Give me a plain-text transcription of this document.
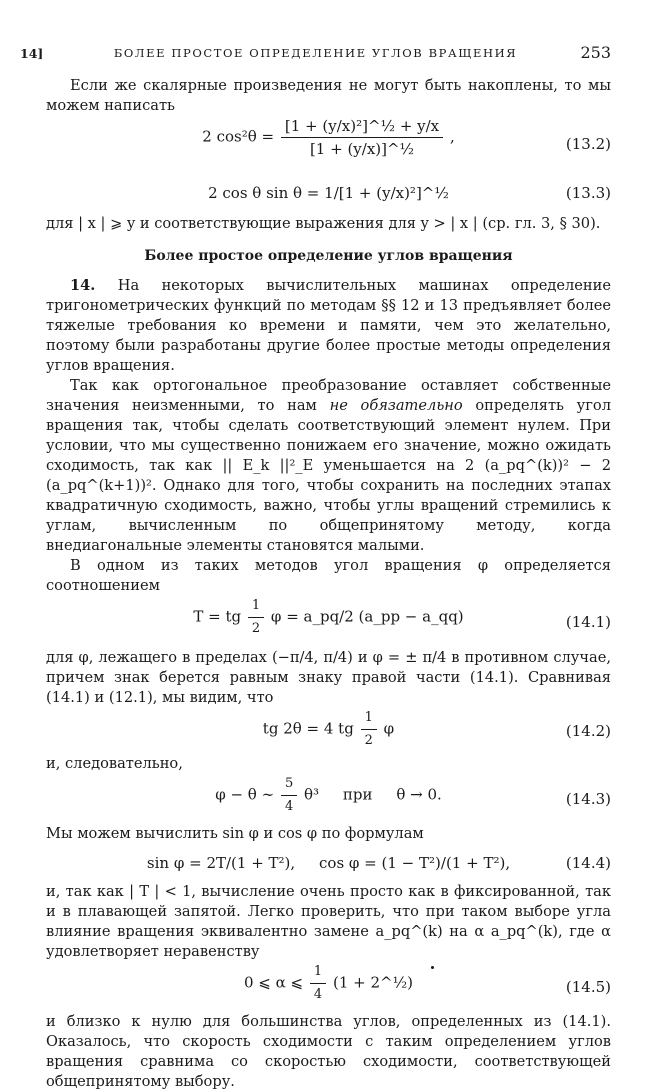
14]	БОЛЕЕ ПРОСТОЕ ОПРЕДЕЛЕНИЕ УГЛОВ ВРАЩЕНИЯ	253

Если же скалярные произведения не могут быть накоплены, то мы можем написать

2 $\cos^2\theta = \frac{\text{[1 + (y/x)²]\textasciicircum{}½ + y/x}}{\text{[1 + (y/x)]\textasciicircum{}½}}$ ,	(13.2)
2 cos θ sin θ = 1/[1 + (y/x)²]^½	(13.3)

для | x | ⩾ y и соответствующие выражения для y > | x | (ср. гл. 3, § 30).

Более простое определение углов вращения

14. На некоторых вычислительных машинах определение тригонометрических функций по методам §§ 12 и 13 предъявляет более тяжелые требования ко времени и памяти, чем это желательно, поэтому были разработаны другие более простые методы определения углов вращения.

Так как ортогональное преобразование оставляет собственные значения неизменными, то нам не обязательно определять угол вращения так, чтобы сделать соответствующий элемент нулем. При условии, что мы существенно понижаем его значение, можно ожидать сходимость, так как || E_k ||²_E уменьшается на 2 (a_pq^(k))² − 2 (a_pq^(k+1))². Однако для того, чтобы сохранить на последних этапах квадратичную сходимость, важно, чтобы углы вращений стремились к углам, вычисленным по общепринятому методу, когда внедиагональные элементы становятся малыми.

В одном из таких методов угол вращения φ определяется соотношением

T = tg $\frac{1}{2}$ φ = a_pq/2 (a_pp − a_qq)	(14.1)

для φ, лежащего в пределах (−π/4, π/4) и φ = ± π/4 в противном случае, причем знак берется равным знаку правой части (14.1). Сравнивая (14.1) и (12.1), мы видим, что

tg 2θ = 4 tg $\frac{1}{2}$ φ	(14.2)

и, следовательно,

φ − θ ∼ $\frac{5}{4} \theta^3$     при     θ → 0.	(14.3)

Мы можем вычислить sin φ и cos φ по формулам

sin φ = 2T/(1 + T²),     cos φ = (1 − T²)/(1 + T²),	(14.4)

и, так как | T | < 1, вычисление очень просто как в фиксированной, так и в плавающей запятой. Легко проверить, что при таком выборе угла влияние вращения эквивалентно замене a_pq^(k) на α a_pq^(k), где α удовлетворяет неравенству

0 ⩽ α ⩽ $\frac{1}{4} (1$ + 2^½)	(14.5)

и близко к нулю для большинства углов, определенных из (14.1). Оказалось, что скорость сходимости с таким определением углов вращения сравнима со скоростью сходимости, соответствующей общепринятому выбору.
